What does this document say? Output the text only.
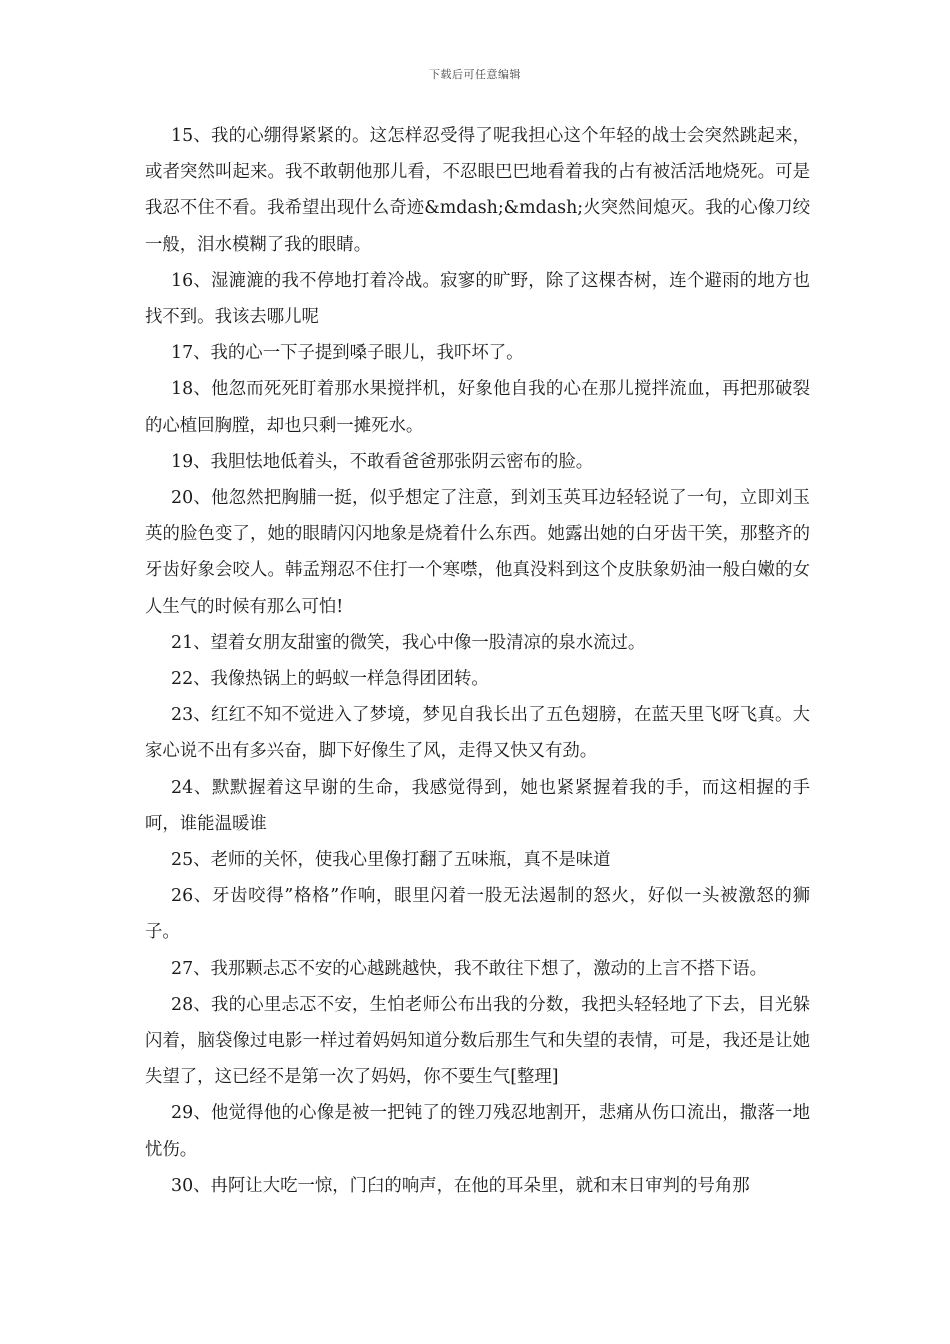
下载后可任意编辑

15、我的心绷得紧紧的。这怎样忍受得了呢我担心这个年轻的战士会突然跳起来，或者突然叫起来。我不敢朝他那儿看，不忍眼巴巴地看着我的占有被活活地烧死。可是我忍不住不看。我希望出现什么奇迹&mdash;&mdash;火突然间熄灭。我的心像刀绞一般，泪水模糊了我的眼睛。

16、湿漉漉的我不停地打着冷战。寂寥的旷野，除了这棵杏树，连个避雨的地方也找不到。我该去哪儿呢

17、我的心一下子提到嗓子眼儿，我吓坏了。

18、他忽而死死盯着那水果搅拌机，好象他自我的心在那儿搅拌流血，再把那破裂的心植回胸膛，却也只剩一摊死水。

19、我胆怯地低着头，不敢看爸爸那张阴云密布的脸。

20、他忽然把胸脯一挺，似乎想定了注意，到刘玉英耳边轻轻说了一句，立即刘玉英的脸色变了，她的眼睛闪闪地象是烧着什么东西。她露出她的白牙齿干笑，那整齐的牙齿好象会咬人。韩孟翔忍不住打一个寒噤，他真没料到这个皮肤象奶油一般白嫩的女人生气的时候有那么可怕!

21、望着女朋友甜蜜的微笑，我心中像一股清凉的泉水流过。

22、我像热锅上的蚂蚁一样急得团团转。

23、红红不知不觉进入了梦境，梦见自我长出了五色翅膀，在蓝天里飞呀飞真。大家心说不出有多兴奋，脚下好像生了风，走得又快又有劲。

24、默默握着这早谢的生命，我感觉得到，她也紧紧握着我的手，而这相握的手呵，谁能温暖谁

25、老师的关怀，使我心里像打翻了五味瓶，真不是味道

26、牙齿咬得”格格”作响，眼里闪着一股无法遏制的怒火，好似一头被激怒的狮子。

27、我那颗忐忑不安的心越跳越快，我不敢往下想了，激动的上言不搭下语。

28、我的心里忐忑不安，生怕老师公布出我的分数，我把头轻轻地了下去，目光躲闪着，脑袋像过电影一样过着妈妈知道分数后那生气和失望的表情，可是，我还是让她失望了，这已经不是第一次了妈妈，你不要生气[整理]

29、他觉得他的心像是被一把钝了的锉刀残忍地割开，悲痛从伤口流出，撒落一地忧伤。

30、冉阿让大吃一惊，门臼的响声，在他的耳朵里，就和末日审判的号角那
